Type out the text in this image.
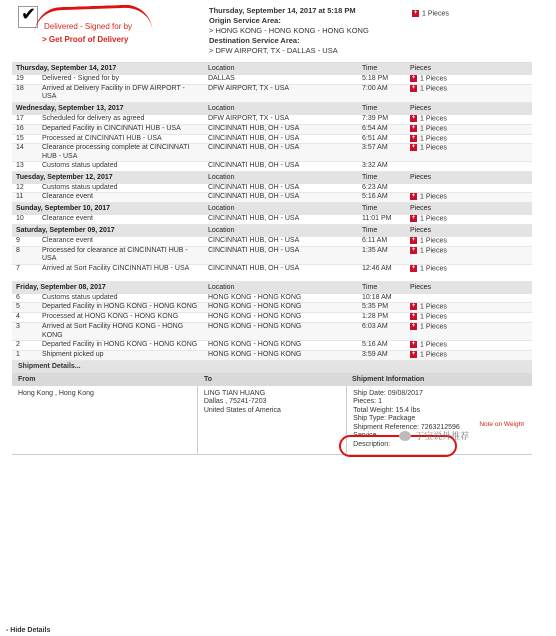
✔
Delivered - Signed for by
> Get Proof of Delivery
Thursday, September 14, 2017 at 5:18 PM
Origin Service Area:
> HONG KONG - HONG KONG - HONG KONG
Destination Service Area:
> DFW AIRPORT, TX - DALLAS - USA
+ 1 Pieces
Thursday, September 14, 2017		Location	Time	Pieces
19	Delivered - Signed for by	DALLAS	5:18 PM	+ 1 Pieces
18	Arrived at Delivery Facility in DFW AIRPORT - USA	DFW AIRPORT, TX - USA	7:00 AM	+ 1 Pieces
Wednesday, September 13, 2017		Location	Time	Pieces
17	Scheduled for delivery as agreed	DFW AIRPORT, TX - USA	7:39 PM	+ 1 Pieces
16	Departed Facility in CINCINNATI HUB - USA	CINCINNATI HUB, OH - USA	6:54 AM	+ 1 Pieces
15	Processed at CINCINNATI HUB - USA	CINCINNATI HUB, OH - USA	6:51 AM	+ 1 Pieces
14	Clearance processing complete at CINCINNATI HUB - USA	CINCINNATI HUB, OH - USA	3:57 AM	+ 1 Pieces
13	Customs status updated	CINCINNATI HUB, OH - USA	3:32 AM	
Tuesday, September 12, 2017		Location	Time	Pieces
12	Customs status updated	CINCINNATI HUB, OH - USA	6:23 AM	
11	Clearance event	CINCINNATI HUB, OH - USA	5:16 AM	+ 1 Pieces
Sunday, September 10, 2017		Location	Time	Pieces
10	Clearance event	CINCINNATI HUB, OH - USA	11:01 PM	+ 1 Pieces
Saturday, September 09, 2017		Location	Time	Pieces
9	Clearance event	CINCINNATI HUB, OH - USA	6:11 AM	+ 1 Pieces
8	Processed for clearance at CINCINNATI HUB - USA	CINCINNATI HUB, OH - USA	1:35 AM	+ 1 Pieces
7	Arrived at Sort Facility CINCINNATI HUB - USA	CINCINNATI HUB, OH - USA	12:46 AM	+ 1 Pieces
Friday, September 08, 2017		Location	Time	Pieces
6	Customs status updated	HONG KONG - HONG KONG	10:18 AM	
5	Departed Facility in HONG KONG - HONG KONG	HONG KONG - HONG KONG	5:35 PM	+ 1 Pieces
4	Processed at HONG KONG - HONG KONG	HONG KONG - HONG KONG	1:28 PM	+ 1 Pieces
3	Arrived at Sort Facility HONG KONG - HONG KONG	HONG KONG - HONG KONG	6:03 AM	+ 1 Pieces
2	Departed Facility in HONG KONG - HONG KONG	HONG KONG - HONG KONG	5:16 AM	+ 1 Pieces
1	Shipment picked up	HONG KONG - HONG KONG	3:59 AM	+ 1 Pieces
Shipment Details...
From	To	Shipment Information
Hong Kong , Hong Kong	LING TIAN HUANG
Dallas , 75241-7203
United States of America
Ship Date: 09/08/2017
Pieces: 1
Total Weight: 15.4 lbs
Ship Type: Package
Shipment Reference: 7263212596
Service
Description:
Note on Weight
丁宝说外推荐
- Hide Details
